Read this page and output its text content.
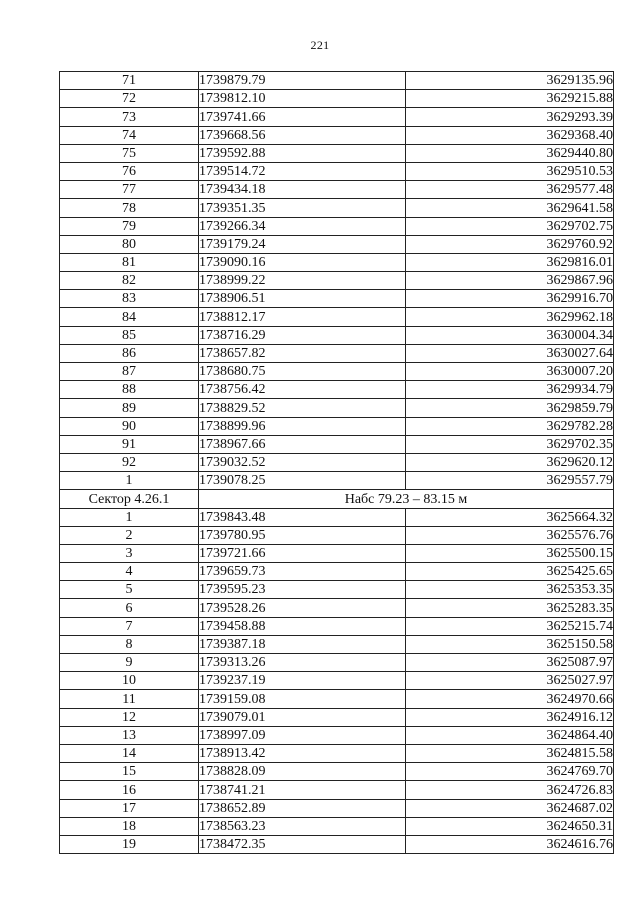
221
71	1739879.79	3629135.96
72	1739812.10	3629215.88
73	1739741.66	3629293.39
74	1739668.56	3629368.40
75	1739592.88	3629440.80
76	1739514.72	3629510.53
77	1739434.18	3629577.48
78	1739351.35	3629641.58
79	1739266.34	3629702.75
80	1739179.24	3629760.92
81	1739090.16	3629816.01
82	1738999.22	3629867.96
83	1738906.51	3629916.70
84	1738812.17	3629962.18
85	1738716.29	3630004.34
86	1738657.82	3630027.64
87	1738680.75	3630007.20
88	1738756.42	3629934.79
89	1738829.52	3629859.79
90	1738899.96	3629782.28
91	1738967.66	3629702.35
92	1739032.52	3629620.12
1	1739078.25	3629557.79
Сектор 4.26.1	Набс 79.23 – 83.15 м	
1	1739843.48	3625664.32
2	1739780.95	3625576.76
3	1739721.66	3625500.15
4	1739659.73	3625425.65
5	1739595.23	3625353.35
6	1739528.26	3625283.35
7	1739458.88	3625215.74
8	1739387.18	3625150.58
9	1739313.26	3625087.97
10	1739237.19	3625027.97
11	1739159.08	3624970.66
12	1739079.01	3624916.12
13	1738997.09	3624864.40
14	1738913.42	3624815.58
15	1738828.09	3624769.70
16	1738741.21	3624726.83
17	1738652.89	3624687.02
18	1738563.23	3624650.31
19	1738472.35	3624616.76
